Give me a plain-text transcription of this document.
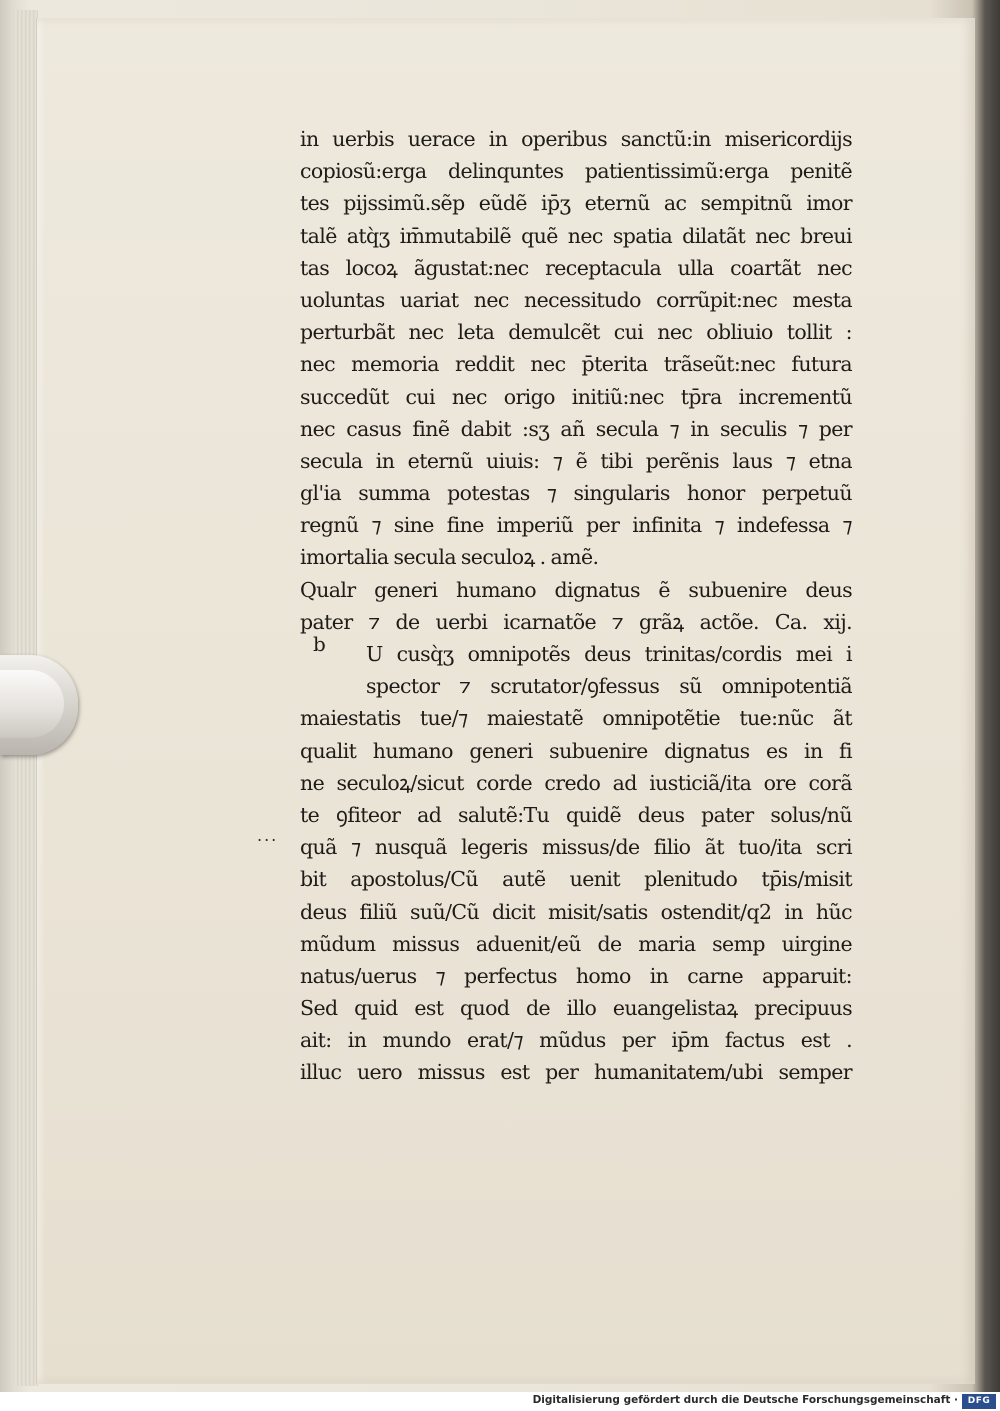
in uerbis uerace in operibus sanctũ:in misericordijs
copiosũ:erga delinquntes patientissimũ:erga penitẽ
tes pijssimũ.sẽp eũdẽ ip̄ʒ eternũ ac sempitnũ imor
talẽ atq̀ʒ im̄mutabilẽ quẽ nec spatia dilatãt nec breui
tas locoꝝ ãgustat:nec receptacula ulla coartãt nec
uoluntas uariat nec necessitudo corrũpit:nec mesta
perturbãt nec leta demulcẽt cui nec obliuio tollit :
nec memoria reddit nec p̄terita trãseũt:nec futura
succedũt cui nec origo initiũ:nec tp̄ra incrementũ
nec casus finẽ dabit :sʒ añ secula ⁊ in seculis ⁊ per
secula in eternũ uiuis: ⁊ ẽ tibi perẽnis laus ⁊ etna
gl'ia summa potestas ⁊ singularis honor perpetuũ
regnũ ⁊ sine fine imperiũ per infinita ⁊ indefessa ⁊
imortalia secula seculoꝝ . amẽ.
Qualr generi humano dignatus ẽ subuenire deus
pater ⁊ de uerbi icarnatõe ⁊ grãꝝ actõe. Ca. xij.
U cusq̀ʒ omnipotẽs deus trinitas/cordis mei i
spector ⁊ scrutator/ꝯfessus sũ omnipotentiã
maiestatis tue/⁊ maiestatẽ omnipotẽtie tue:nũc ãt
qualit humano generi subuenire dignatus es in fi
ne seculoꝝ/sicut corde credo ad iusticiã/ita ore corã
te ꝯfiteor ad salutẽ:Tu quidẽ deus pater solus/nũ
quã ⁊ nusquã legeris missus/de filio ãt tuo/ita scri
bit apostolus/Cũ autẽ uenit plenitudo tp̄is/misit
deus filiũ suũ/Cũ dicit misit/satis ostendit/q2 in hũc
mũdum missus aduenit/eũ de maria semp uirgine
natus/uerus ⁊ perfectus homo in carne apparuit:
Sed quid est quod de illo euangelistaꝝ precipuus
ait: in mundo erat/⁊ mũdus per ip̄m factus est .
illuc uero missus est per humanitatem/ubi semper
b
...
Digitalisierung gefördert durch die Deutsche Forschungsgemeinschaft ·	DFG
